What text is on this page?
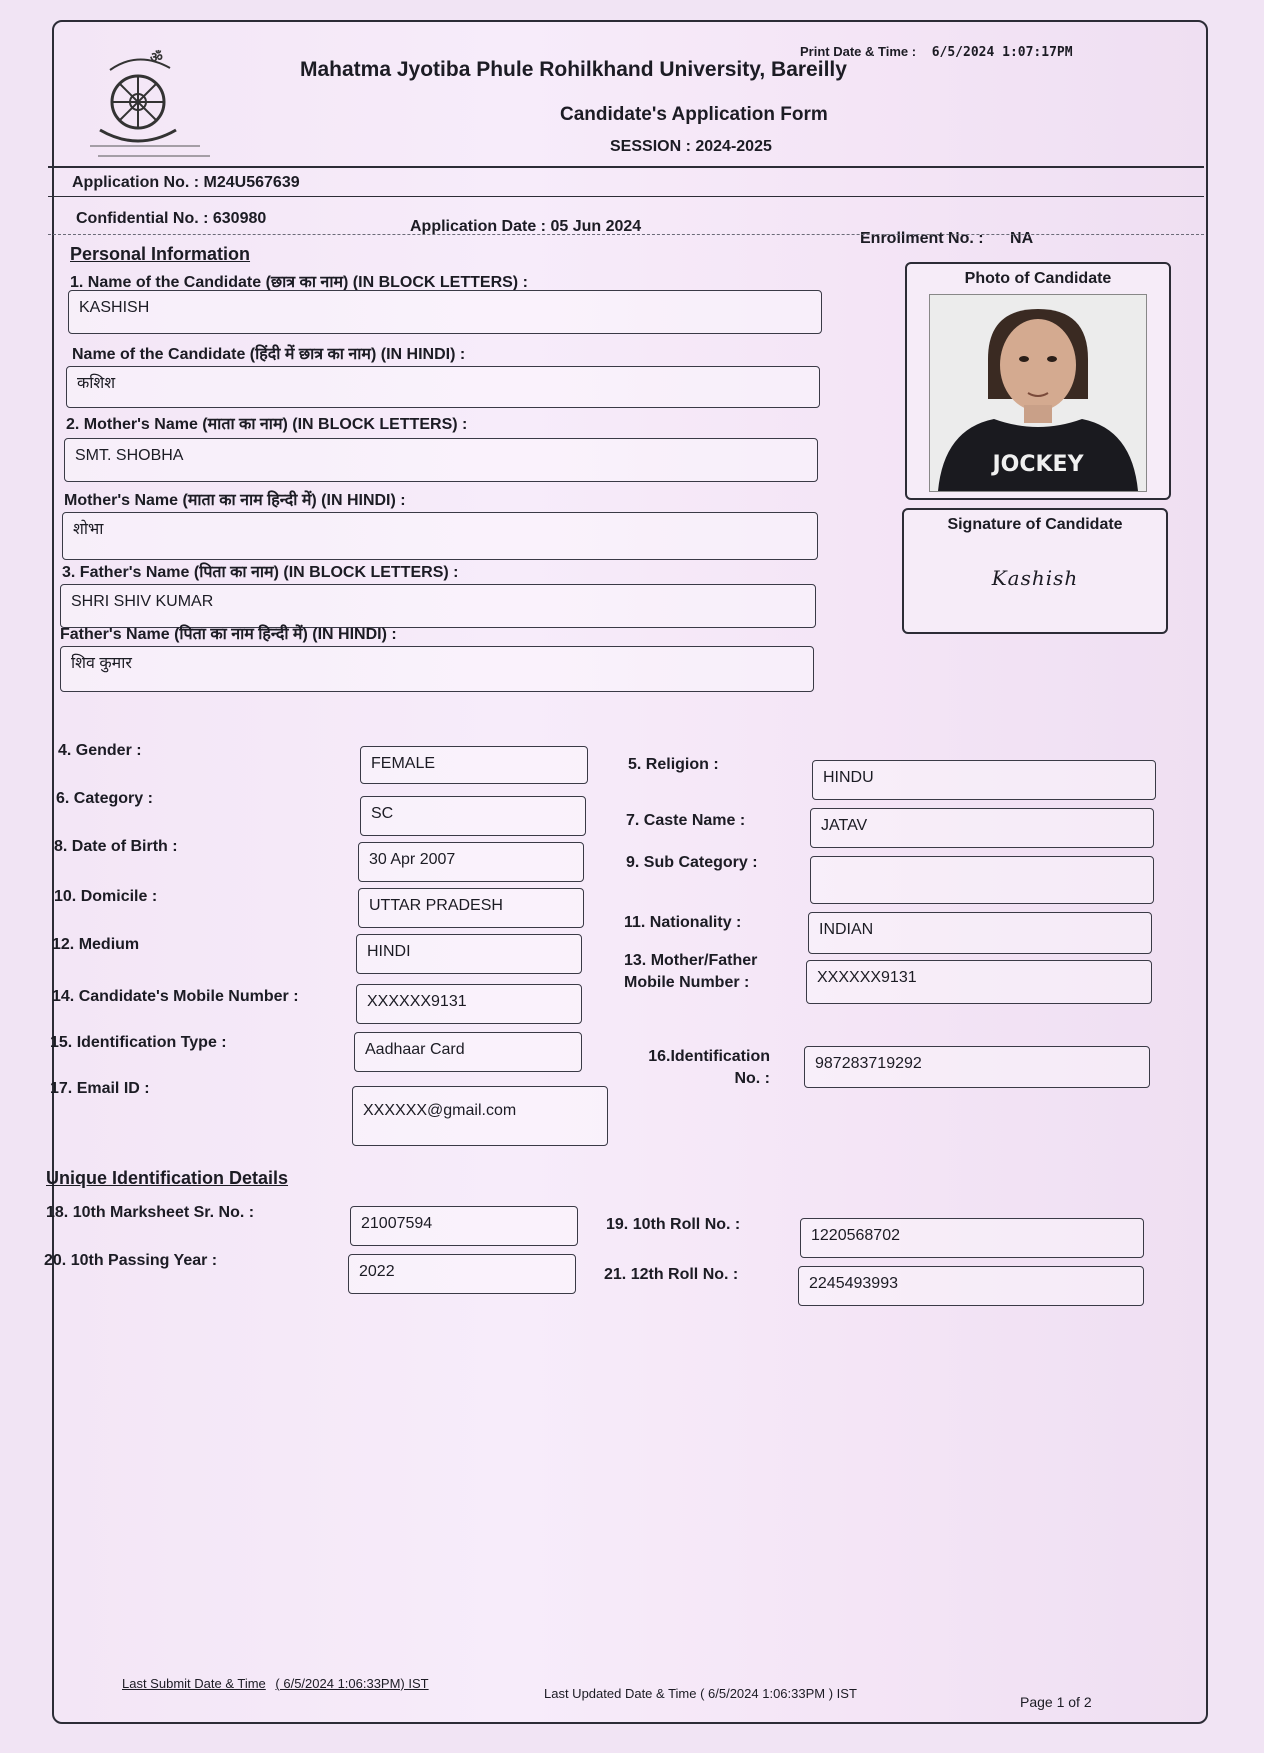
ॐ	Print Date & Time : 6/5/2024 1:07:17PM
Mahatma Jyotiba Phule Rohilkhand University, Bareilly
Candidate's Application Form
SESSION : 2024-2025
Application No. : M24U567639
Confidential No. : 630980	Application Date : 05 Jun 2024
Enrollment No. : NA
Personal Information
1. Name of the Candidate (छात्र का नाम) (IN BLOCK LETTERS) :
KASHISH
Name of the Candidate (हिंदी में छात्र का नाम) (IN HINDI) :
कशिश
2. Mother's Name (माता का नाम) (IN BLOCK LETTERS) :
SMT. SHOBHA
Mother's Name (माता का नाम हिन्दी में) (IN HINDI) :
शोभा
3. Father's Name (पिता का नाम) (IN BLOCK LETTERS) :
SHRI SHIV KUMAR
Father's Name (पिता का नाम हिन्दी में) (IN HINDI) :
शिव कुमार
Photo of Candidate
JOCKEY
Signature of Candidate
Kashish
4. Gender :
FEMALE
6. Category :
SC
8. Date of Birth :
30 Apr 2007
10. Domicile :
UTTAR PRADESH
12. Medium	HINDI
14. Candidate's Mobile Number :	XXXXXX9131
15. Identification Type :	Aadhaar Card
17. Email ID :
XXXXXX@gmail.com
5. Religion :
HINDU
7. Caste Name :	JATAV
9. Sub Category :
11. Nationality :	INDIAN
13. Mother/Father Mobile Number :	XXXXXX9131
16.Identification No. :
987283719292
Unique Identification Details
18. 10th Marksheet Sr. No. :
21007594
20. 10th Passing Year :
2022
19. 10th Roll No. :
1220568702
21. 12th Roll No. :
2245493993
Last Submit Date & Time ( 6/5/2024 1:06:33PM) IST
Last Updated Date & Time ( 6/5/2024 1:06:33PM ) IST
Page 1 of 2
